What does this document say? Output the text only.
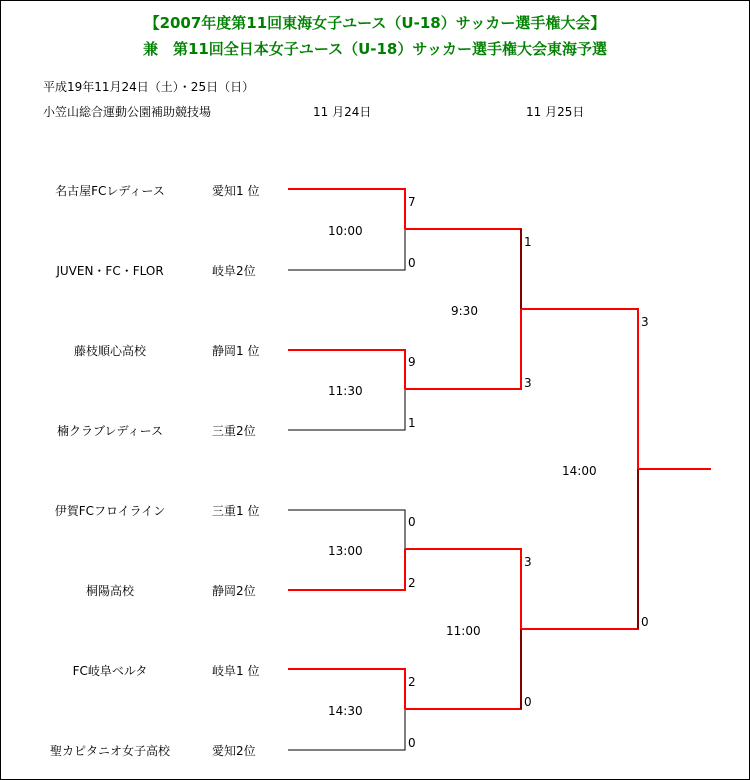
【2007年度第11回東海女子ユース（U-18）サッカー選手権大会】
兼　第11回全日本女子ユース（U-18）サッカー選手権大会東海予選
平成19年11月24日（土）・25日（日）
小笠山総合運動公園補助競技場	11 月24日	11 月25日
名古屋FCレディース
JUVEN・FC・FLOR
藤枝順心高校
楠クラブレディース
伊賀FCフロイライン
桐陽高校
FC岐阜ベルタ
聖カピタニオ女子高校
愛知1 位
岐阜2位
静岡1 位
三重2位
三重1 位
静岡2位
岐阜1 位
愛知2位
10:00
7
0
11:30
9
1
13:00
0
2
14:30
2
0
9:30
1
3
11:00
3
0
14:00
3
0
